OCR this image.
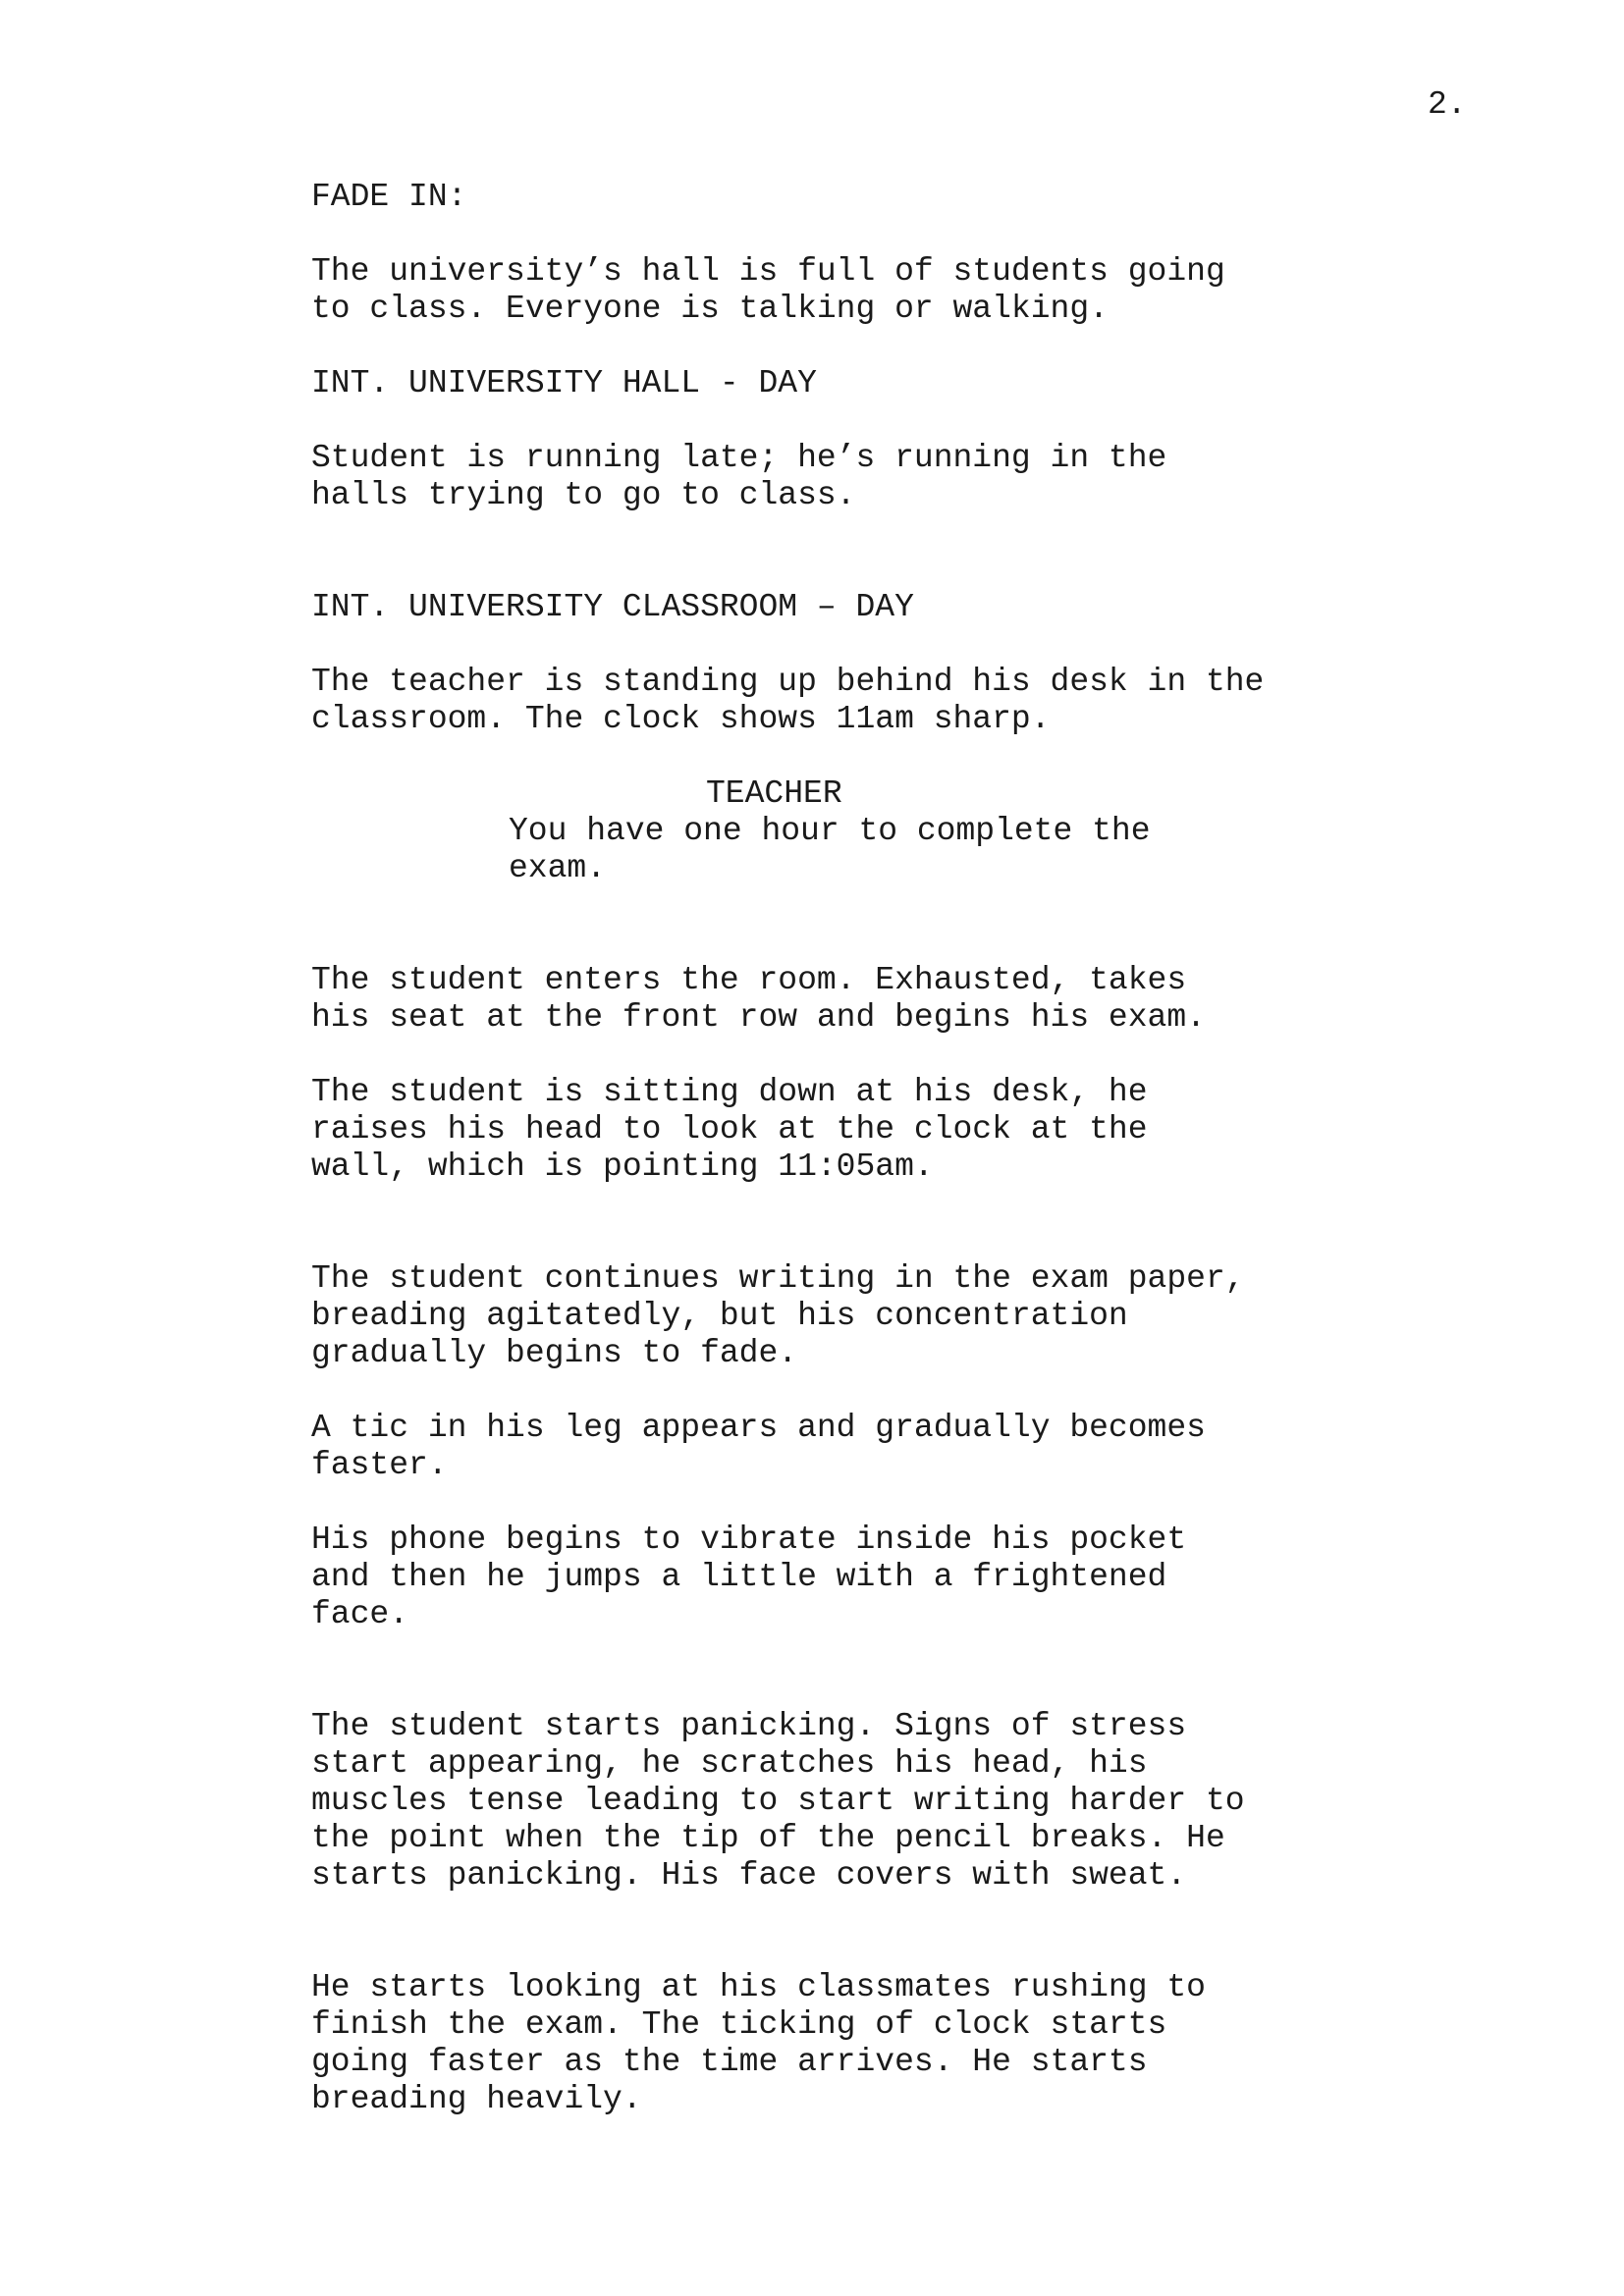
2.
FADE IN:
The university’s hall is full of students going
to class. Everyone is talking or walking.
INT. UNIVERSITY HALL - DAY
Student is running late; he’s running in the
halls trying to go to class.
INT. UNIVERSITY CLASSROOM – DAY
The teacher is standing up behind his desk in the
classroom. The clock shows 11am sharp.
TEACHER
You have one hour to complete the
exam.
The student enters the room. Exhausted, takes
his seat at the front row and begins his exam.
The student is sitting down at his desk, he
raises his head to look at the clock at the
wall, which is pointing 11:05am.
The student continues writing in the exam paper,
breading agitatedly, but his concentration
gradually begins to fade.
A tic in his leg appears and gradually becomes
faster.
His phone begins to vibrate inside his pocket
and then he jumps a little with a frightened
face.
The student starts panicking. Signs of stress
start appearing, he scratches his head, his
muscles tense leading to start writing harder to
the point when the tip of the pencil breaks. He
starts panicking. His face covers with sweat.
He starts looking at his classmates rushing to
finish the exam. The ticking of clock starts
going faster as the time arrives. He starts
breading heavily.
